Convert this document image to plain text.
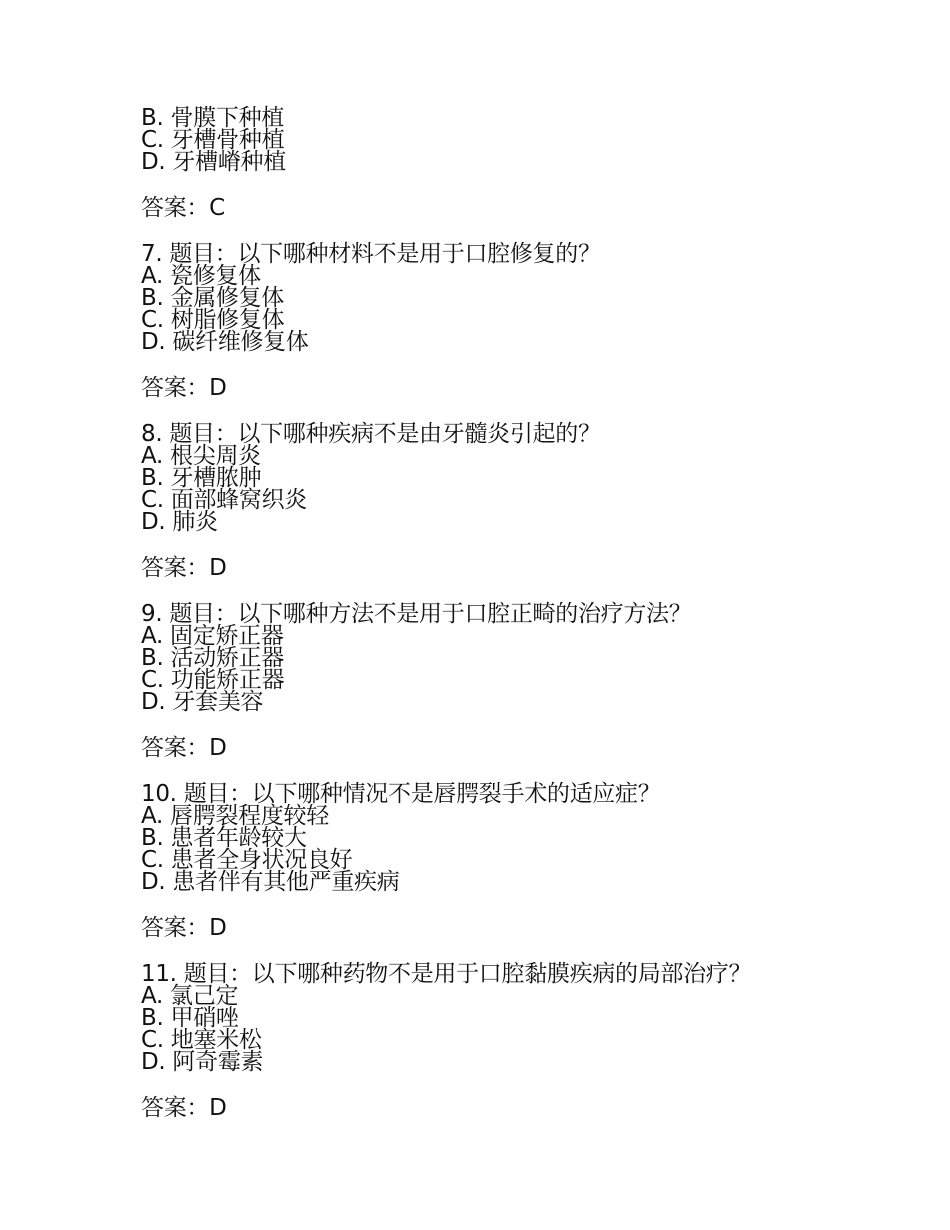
B. 骨膜下种植
C. 牙槽骨种植
D. 牙槽嵴种植
答案：C
7. 题目：以下哪种材料不是用于口腔修复的？
A. 瓷修复体
B. 金属修复体
C. 树脂修复体
D. 碳纤维修复体
答案：D
8. 题目：以下哪种疾病不是由牙髓炎引起的？
A. 根尖周炎
B. 牙槽脓肿
C. 面部蜂窝织炎
D. 肺炎
答案：D
9. 题目：以下哪种方法不是用于口腔正畸的治疗方法？
A. 固定矫正器
B. 活动矫正器
C. 功能矫正器
D. 牙套美容
答案：D
10. 题目：以下哪种情况不是唇腭裂手术的适应症？
A. 唇腭裂程度较轻
B. 患者年龄较大
C. 患者全身状况良好
D. 患者伴有其他严重疾病
答案：D
11. 题目：以下哪种药物不是用于口腔黏膜疾病的局部治疗？
A. 氯己定
B. 甲硝唑
C. 地塞米松
D. 阿奇霉素
答案：D
